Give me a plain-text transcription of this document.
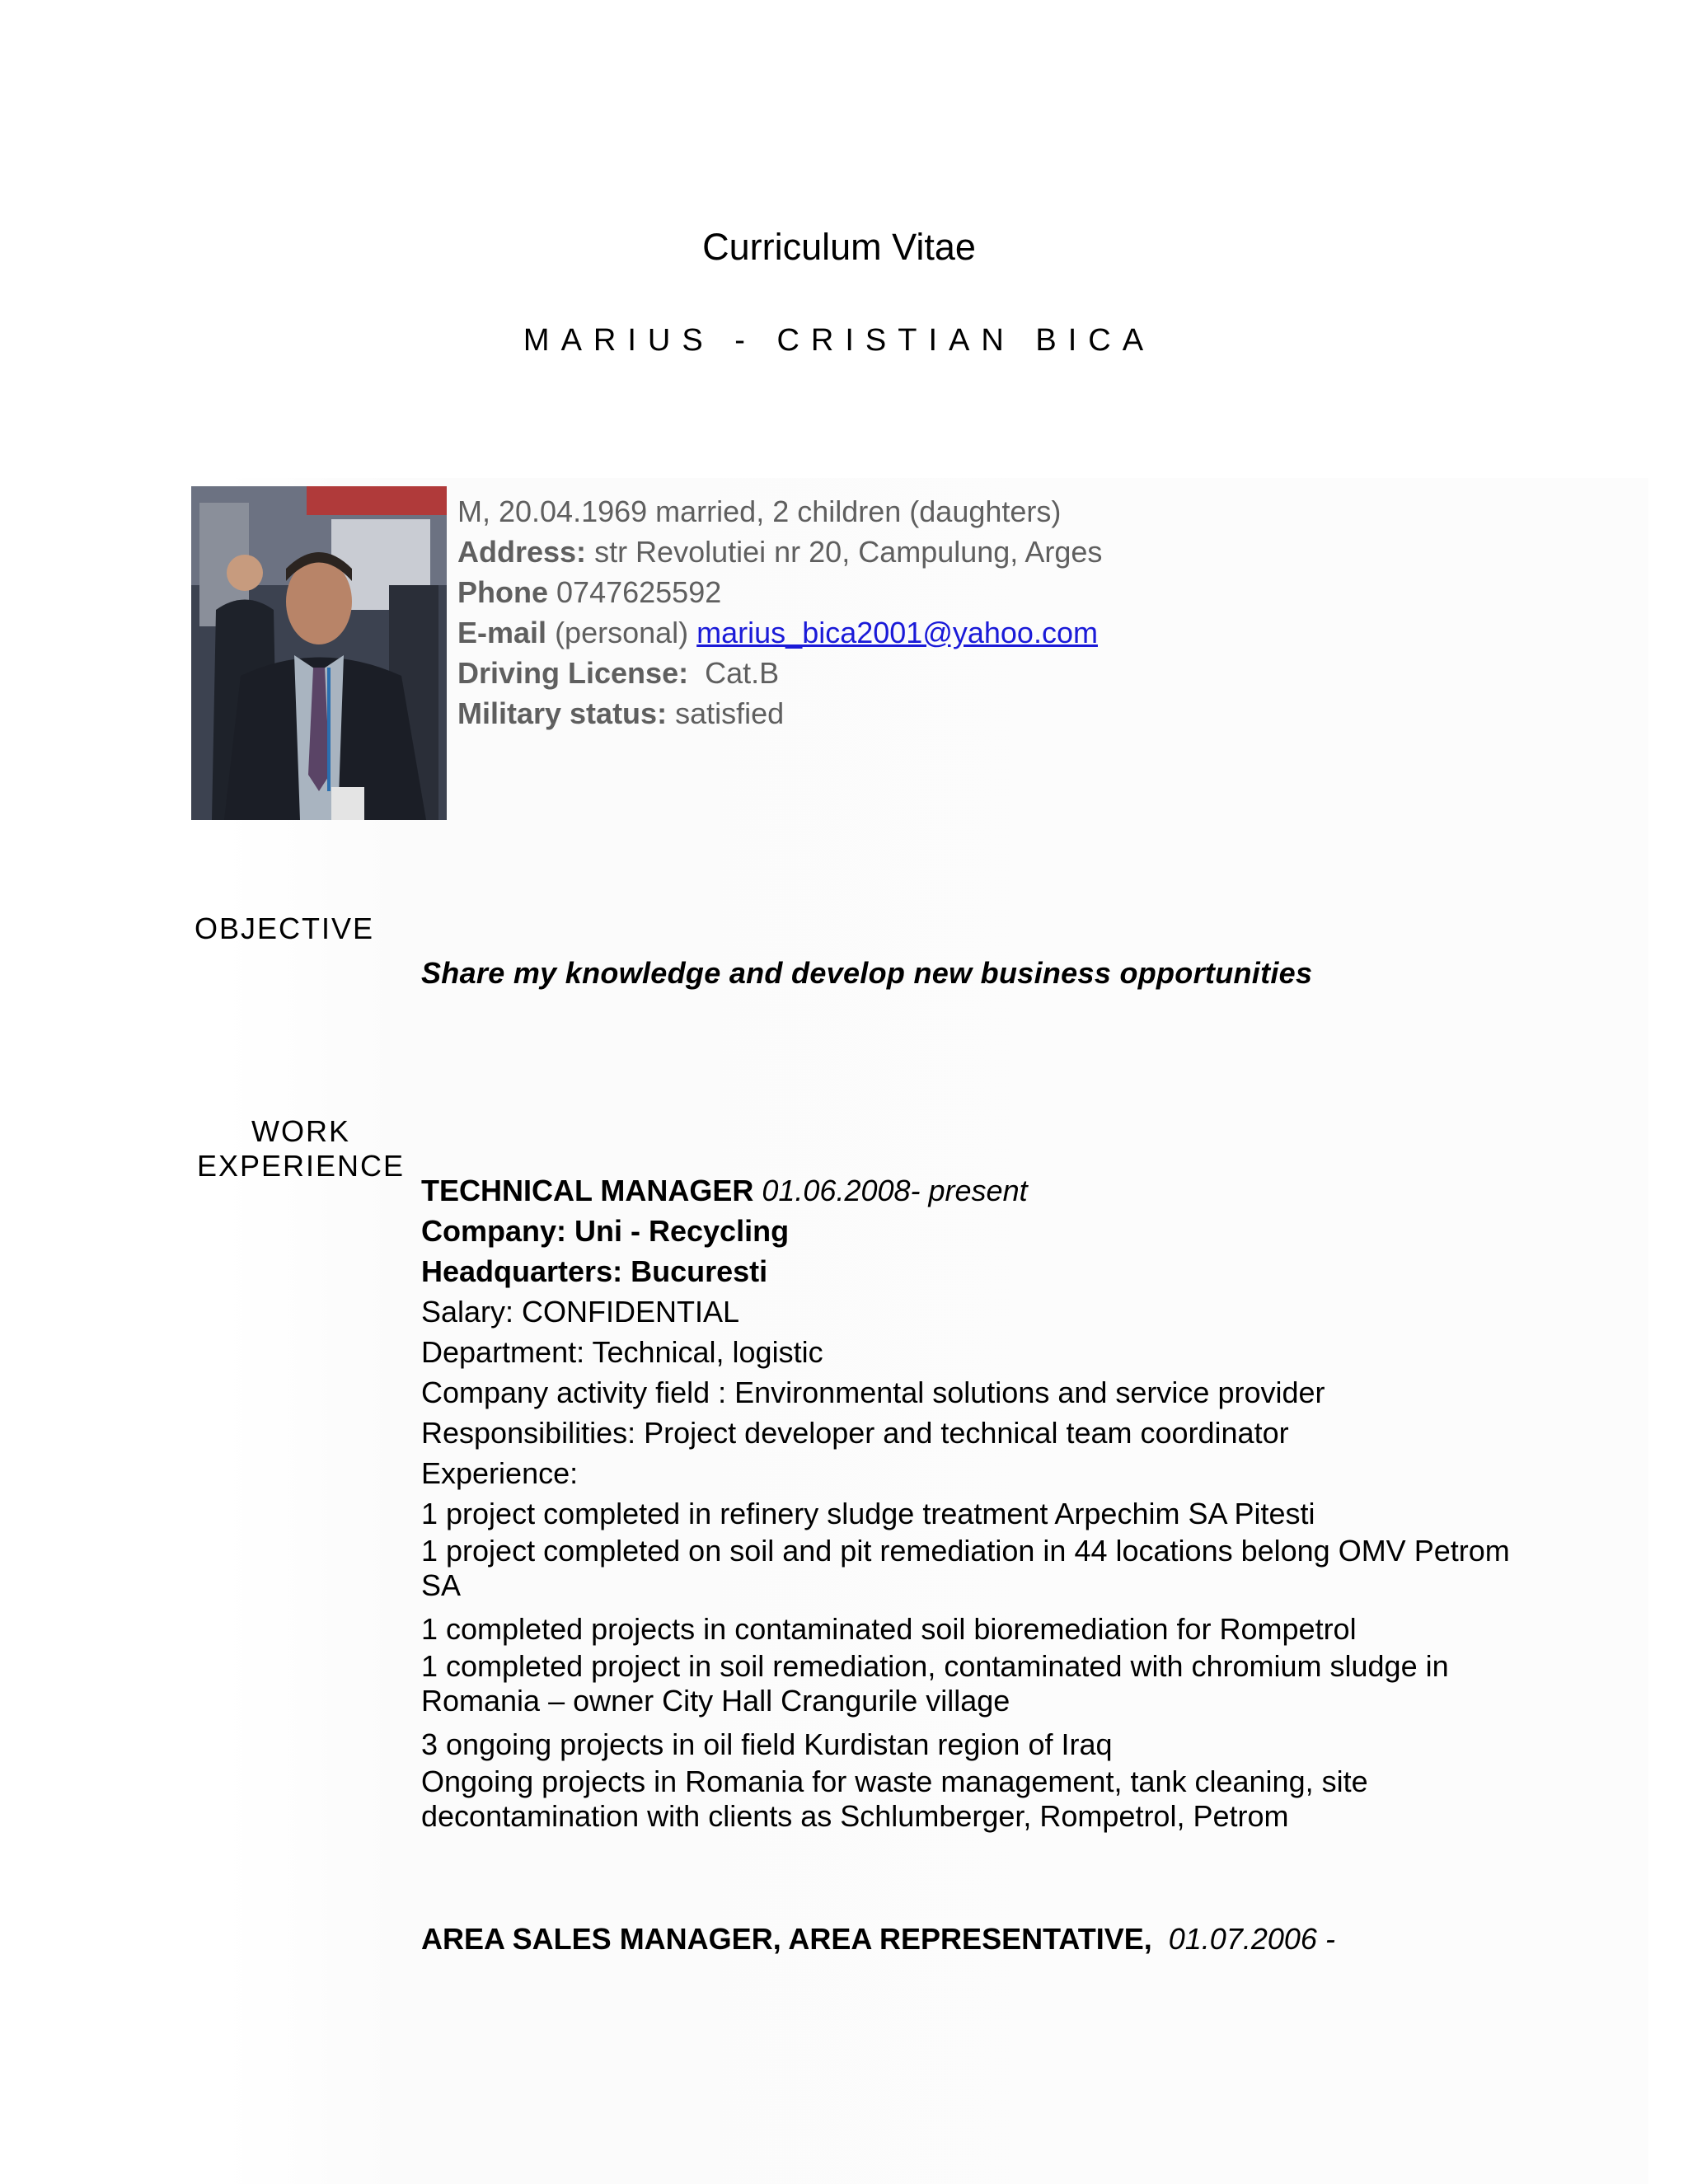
Curriculum Vitae
MARIUS - CRISTIAN BICA
M, 20.04.1969 married, 2 children (daughters)
Address: str Revolutiei nr 20, Campulung, Arges
Phone 0747625592
E-mail (personal) marius_bica2001@yahoo.com
Driving License: Cat.B
Military status: satisfied
OBJECTIVE
Share my knowledge and develop new business opportunities
WORK
EXPERIENCE
TECHNICAL MANAGER 01.06.2008- present
Company: Uni - Recycling
Headquarters: Bucuresti
Salary: CONFIDENTIAL
Department: Technical, logistic
Company activity field : Environmental solutions and service provider
Responsibilities: Project developer and technical team coordinator
Experience:
1 project completed in refinery sludge treatment Arpechim SA Pitesti
1 project completed on soil and pit remediation in 44 locations belong OMV Petrom SA
1 completed projects in contaminated soil bioremediation for Rompetrol
1 completed project in soil remediation, contaminated with chromium sludge in Romania – owner City Hall Crangurile village
3 ongoing projects in oil field Kurdistan region of Iraq
Ongoing projects in Romania for waste management, tank cleaning, site decontamination with clients as Schlumberger, Rompetrol, Petrom
AREA SALES MANAGER, AREA REPRESENTATIVE, 01.07.2006 -
